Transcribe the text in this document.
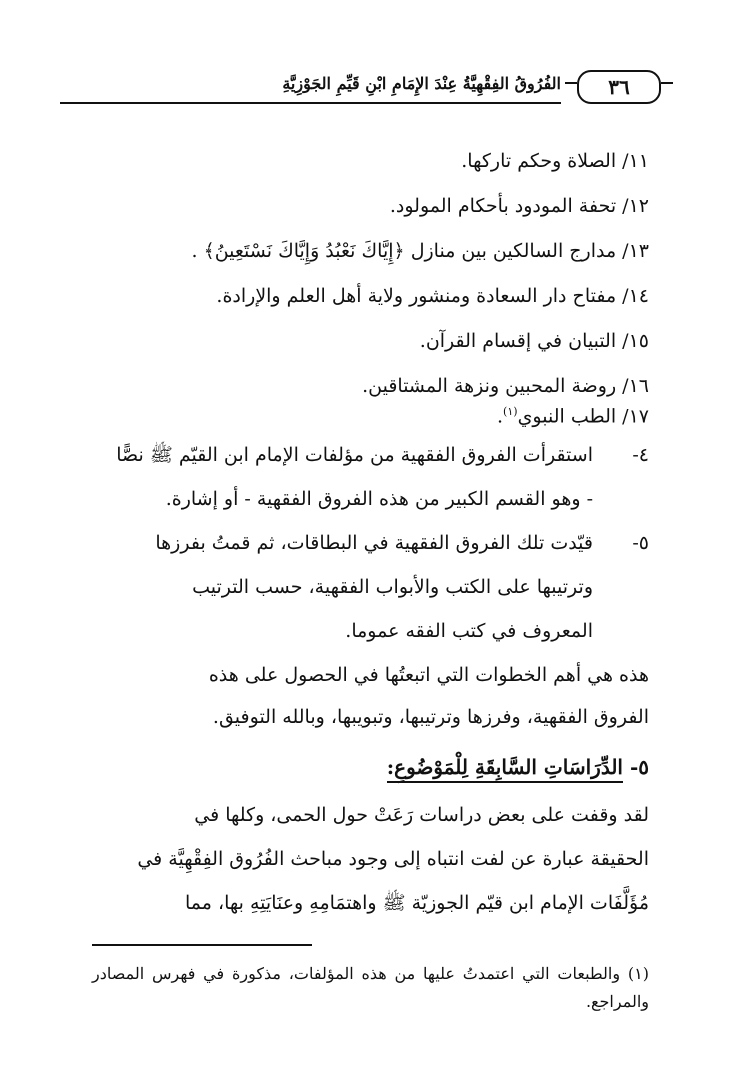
٣٦
الفُرُوقُ الفِقْهِيَّةُ عِنْدَ الإِمَامِ ابْنِ قَيِّمِ الجَوْزِيَّةِ
١١/ الصلاة وحكم تاركها.
١٢/ تحفة المودود بأحكام المولود.
١٣/ مدارج السالكين بين منازل ﴿إِيَّاكَ نَعْبُدُ وَإِيَّاكَ نَسْتَعِينُ﴾ .
١٤/ مفتاح دار السعادة ومنشور ولاية أهل العلم والإرادة.
١٥/ التبيان في إقسام القرآن.
١٦/ روضة المحبين ونزهة المشتاقين.
١٧/ الطب النبوي$^{(١)}$.
٤-
استقرأت الفروق الفقهية من مؤلفات الإمام ابن القيّم ﷺ نصًّا
- وهو القسم الكبير من هذه الفروق الفقهية - أو إشارة.
٥-
قيّدت تلك الفروق الفقهية في البطاقات، ثم قمتُ بفرزها
وترتيبها على الكتب والأبواب الفقهية، حسب الترتيب
المعروف في كتب الفقه عموما.
هذه هي أهم الخطوات التي اتبعتُها في الحصول على هذه
الفروق الفقهية، وفرزها وترتيبها، وتبويبها، وبالله التوفيق.
٥- الدِّرَاسَاتِ السَّابِقَةِ لِلْمَوْضُوعِ:
لقد وقفت على بعض دراسات رَعَتْ حول الحمى، وكلها في
الحقيقة عبارة عن لفت انتباه إلى وجود مباحث الفُرُوق الفِقْهِيَّة في
مُؤَلَّفَات الإمام ابن قيّم الجوزيّة ﷺ واهتمَامِهِ وعنَايَتِهِ بها، مما
(١) والطبعات التي اعتمدتُ عليها من هذه المؤلفات، مذكورة في فهرس المصادر والمراجع.
